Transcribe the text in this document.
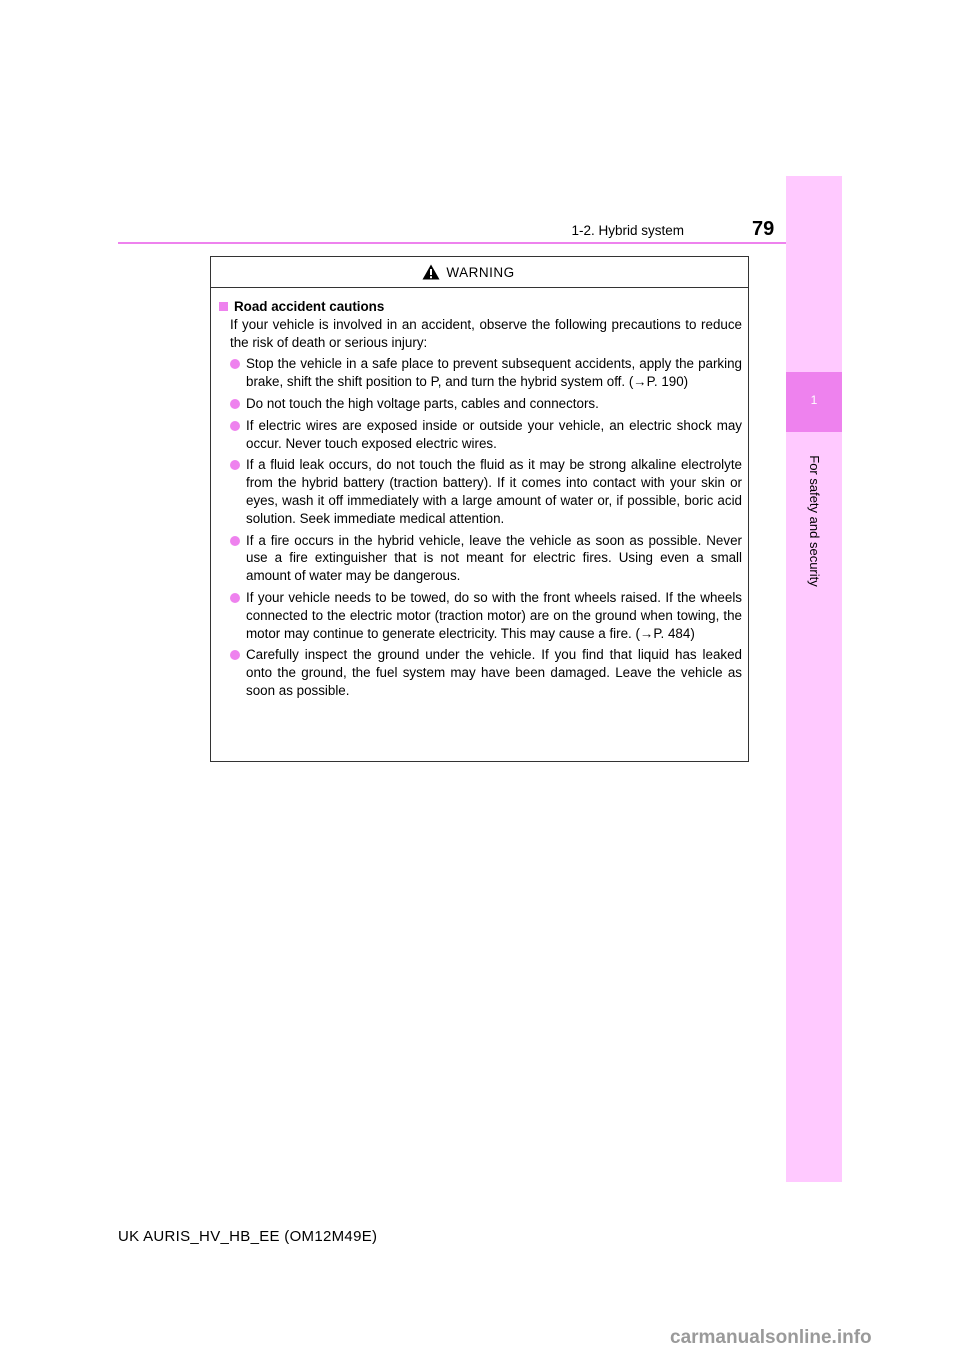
79
1-2. Hybrid system
1
For safety and security
WARNING
Road accident cautions
If your vehicle is involved in an accident, observe the following precautions to reduce the risk of death or serious injury:
Stop the vehicle in a safe place to prevent subsequent accidents, apply the parking brake, shift the shift position to P, and turn the hybrid system off. (→P. 190)
Do not touch the high voltage parts, cables and connectors.
If electric wires are exposed inside or outside your vehicle, an electric shock may occur. Never touch exposed electric wires.
If a fluid leak occurs, do not touch the fluid as it may be strong alkaline electrolyte from the hybrid battery (traction battery). If it comes into contact with your skin or eyes, wash it off immediately with a large amount of water or, if possible, boric acid solution. Seek immediate medical attention.
If a fire occurs in the hybrid vehicle, leave the vehicle as soon as possible. Never use a fire extinguisher that is not meant for electric fires. Using even a small amount of water may be dangerous.
If your vehicle needs to be towed, do so with the front wheels raised. If the wheels connected to the electric motor (traction motor) are on the ground when towing, the motor may continue to generate electricity. This may cause a fire. (→P. 484)
Carefully inspect the ground under the vehicle. If you find that liquid has leaked onto the ground, the fuel system may have been damaged. Leave the vehicle as soon as possible.
UK AURIS_HV_HB_EE (OM12M49E)
carmanualsonline.info
